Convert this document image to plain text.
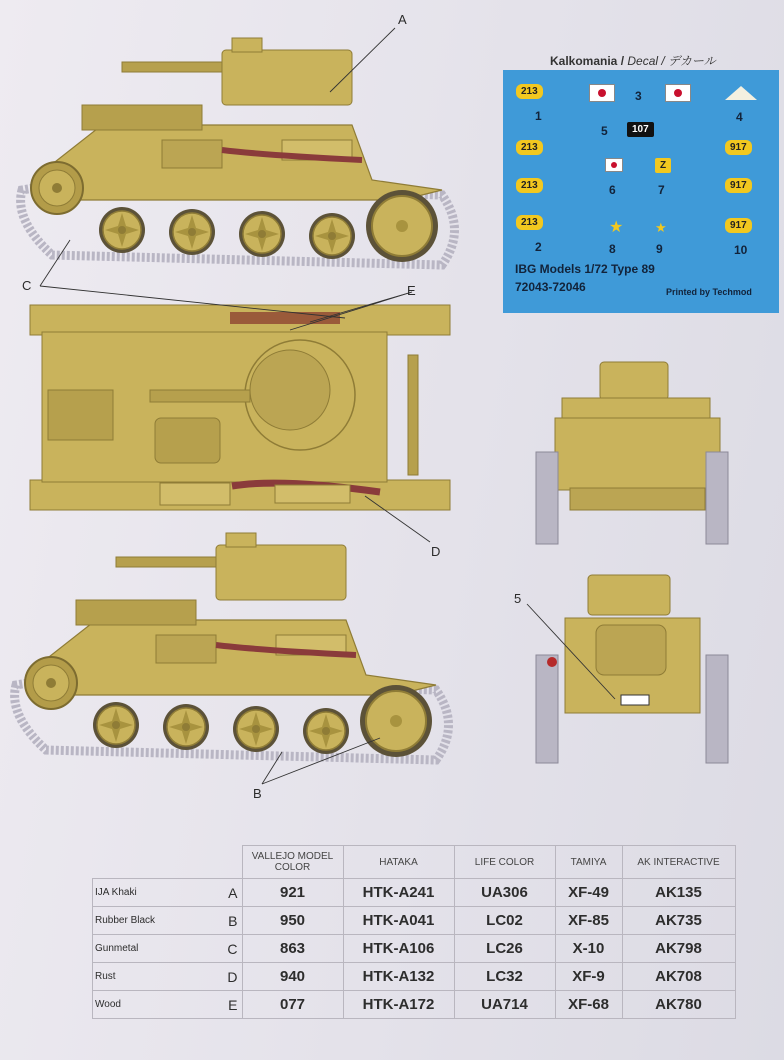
A
C	E
D
B
5
Kalkomania / Decal / デカール
213	3
1	4
213
5	107
917
Z
213	917
6	7
213	917
★ ★
2	8	9	10
IBG Models 1/72 Type 89
72043-72046	Printed by Techmod
		VALLEJO MODEL COLOR	HATAKA	LIFE COLOR	TAMIYA	AK INTERACTIVE
IJA Khaki	A	921	HTK-A241	UA306	XF-49	AK135
Rubber Black	B	950	HTK-A041	LC02	XF-85	AK735
Gunmetal	C	863	HTK-A106	LC26	X-10	AK798
Rust	D	940	HTK-A132	LC32	XF-9	AK708
Wood	E	077	HTK-A172	UA714	XF-68	AK780
